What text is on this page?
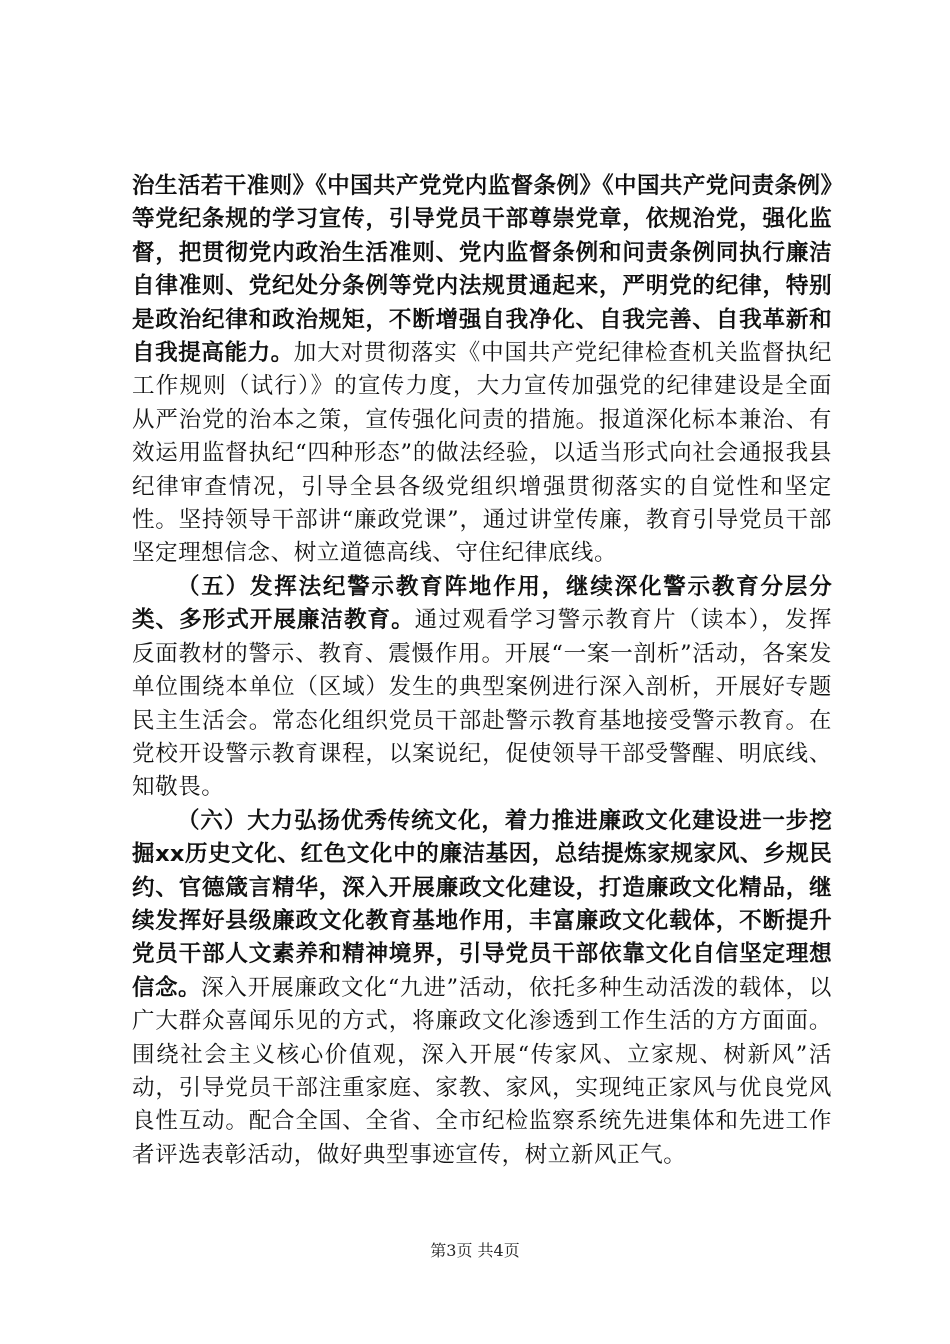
治生活若干准则》《中国共产党党内监督条例》《中国共产党问责条例》等党纪条规的学习宣传，引导党员干部尊崇党章，依规治党，强化监督，把贯彻党内政治生活准则、党内监督条例和问责条例同执行廉洁自律准则、党纪处分条例等党内法规贯通起来，严明党的纪律，特别是政治纪律和政治规矩，不断增强自我净化、自我完善、自我革新和自我提高能力。加大对贯彻落实《中国共产党纪律检查机关监督执纪工作规则（试行）》的宣传力度，大力宣传加强党的纪律建设是全面从严治党的治本之策，宣传强化问责的措施。报道深化标本兼治、有效运用监督执纪“四种形态”的做法经验，以适当形式向社会通报我县纪律审查情况，引导全县各级党组织增强贯彻落实的自觉性和坚定性。坚持领导干部讲“廉政党课”，通过讲堂传廉，教育引导党员干部坚定理想信念、树立道德高线、守住纪律底线。

（五）发挥法纪警示教育阵地作用，继续深化警示教育分层分类、多形式开展廉洁教育。通过观看学习警示教育片（读本），发挥反面教材的警示、教育、震慑作用。开展“一案一剖析”活动，各案发单位围绕本单位（区域）发生的典型案例进行深入剖析，开展好专题民主生活会。常态化组织党员干部赴警示教育基地接受警示教育。在党校开设警示教育课程，以案说纪，促使领导干部受警醒、明底线、知敬畏。

（六）大力弘扬优秀传统文化，着力推进廉政文化建设进一步挖掘xx历史文化、红色文化中的廉洁基因，总结提炼家规家风、乡规民约、官德箴言精华，深入开展廉政文化建设，打造廉政文化精品，继续发挥好县级廉政文化教育基地作用，丰富廉政文化载体，不断提升党员干部人文素养和精神境界，引导党员干部依靠文化自信坚定理想信念。深入开展廉政文化“九进”活动，依托多种生动活泼的载体，以广大群众喜闻乐见的方式，将廉政文化渗透到工作生活的方方面面。围绕社会主义核心价值观，深入开展“传家风、立家规、树新风”活动，引导党员干部注重家庭、家教、家风，实现纯正家风与优良党风良性互动。配合全国、全省、全市纪检监察系统先进集体和先进工作者评选表彰活动，做好典型事迹宣传，树立新风正气。

第3页 共4页
